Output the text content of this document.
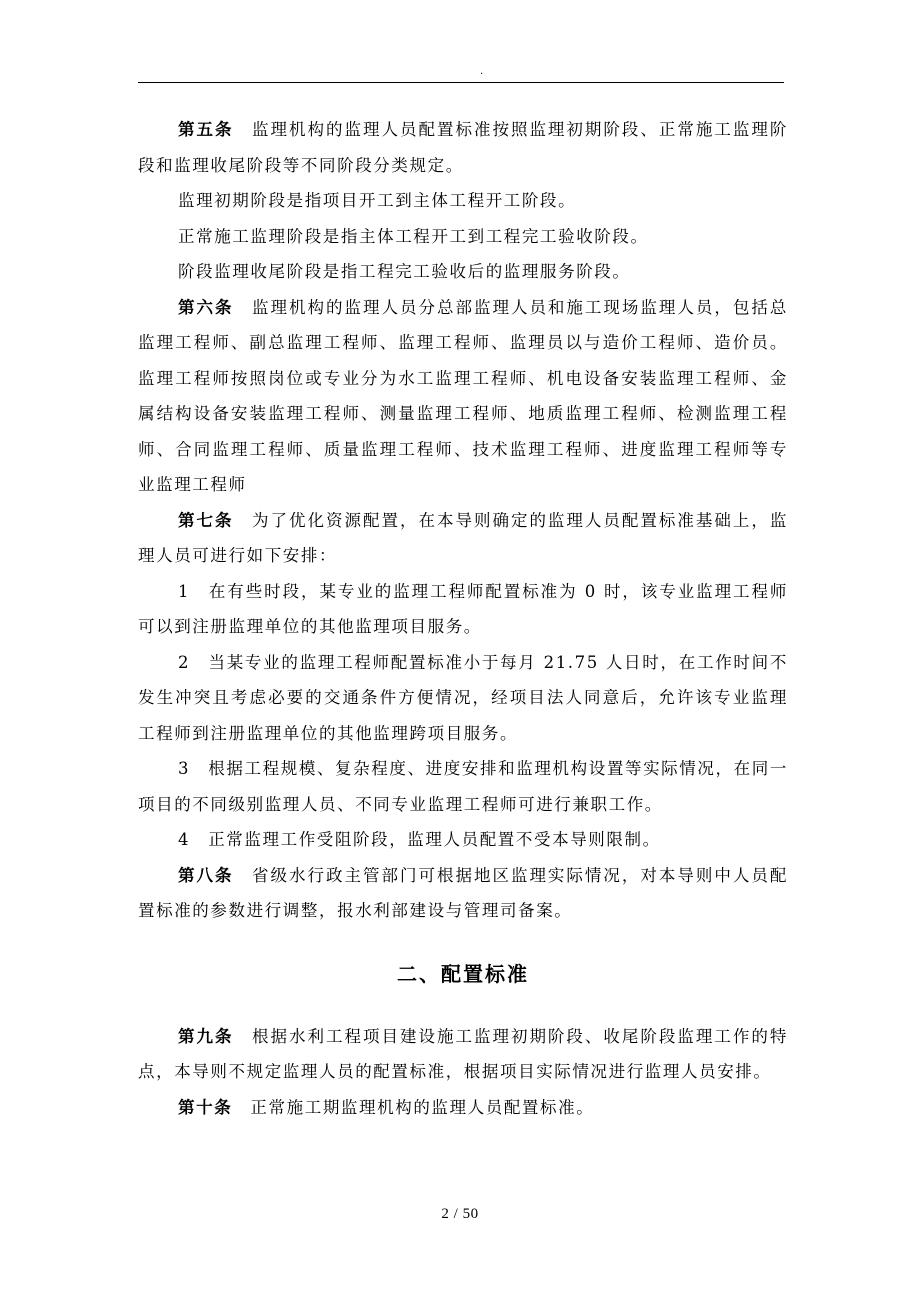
.

第五条　 监理机构的监理人员配置标准按照监理初期阶段、正常施工监理阶段和监理收尾阶段等不同阶段分类规定。

监理初期阶段是指项目开工到主体工程开工阶段。

正常施工监理阶段是指主体工程开工到工程完工验收阶段。

阶段监理收尾阶段是指工程完工验收后的监理服务阶段。

第六条　 监理机构的监理人员分总部监理人员和施工现场监理人员，包括总监理工程师、副总监理工程师、监理工程师、监理员以与造价工程师、造价员。监理工程师按照岗位或专业分为水工监理工程师、机电设备安装监理工程师、金属结构设备安装监理工程师、测量监理工程师、地质监理工程师、检测监理工程师、合同监理工程师、质量监理工程师、技术监理工程师、进度监理工程师等专业监理工程师

第七条　 为了优化资源配置，在本导则确定的监理人员配置标准基础上，监理人员可进行如下安排：

1　在有些时段，某专业的监理工程师配置标准为 0 时，该专业监理工程师可以到注册监理单位的其他监理项目服务。

2　当某专业的监理工程师配置标准小于每月 21.75 人日时，在工作时间不发生冲突且考虑必要的交通条件方便情况，经项目法人同意后，允许该专业监理工程师到注册监理单位的其他监理跨项目服务。

3　根据工程规模、复杂程度、进度安排和监理机构设置等实际情况，在同一项目的不同级别监理人员、不同专业监理工程师可进行兼职工作。

4　正常监理工作受阻阶段，监理人员配置不受本导则限制。

第八条　 省级水行政主管部门可根据地区监理实际情况，对本导则中人员配置标准的参数进行调整，报水利部建设与管理司备案。

二、配置标准

第九条　 根据水利工程项目建设施工监理初期阶段、收尾阶段监理工作的特点，本导则不规定监理人员的配置标准，根据项目实际情况进行监理人员安排。

第十条　 正常施工期监理机构的监理人员配置标准。

2 / 50
